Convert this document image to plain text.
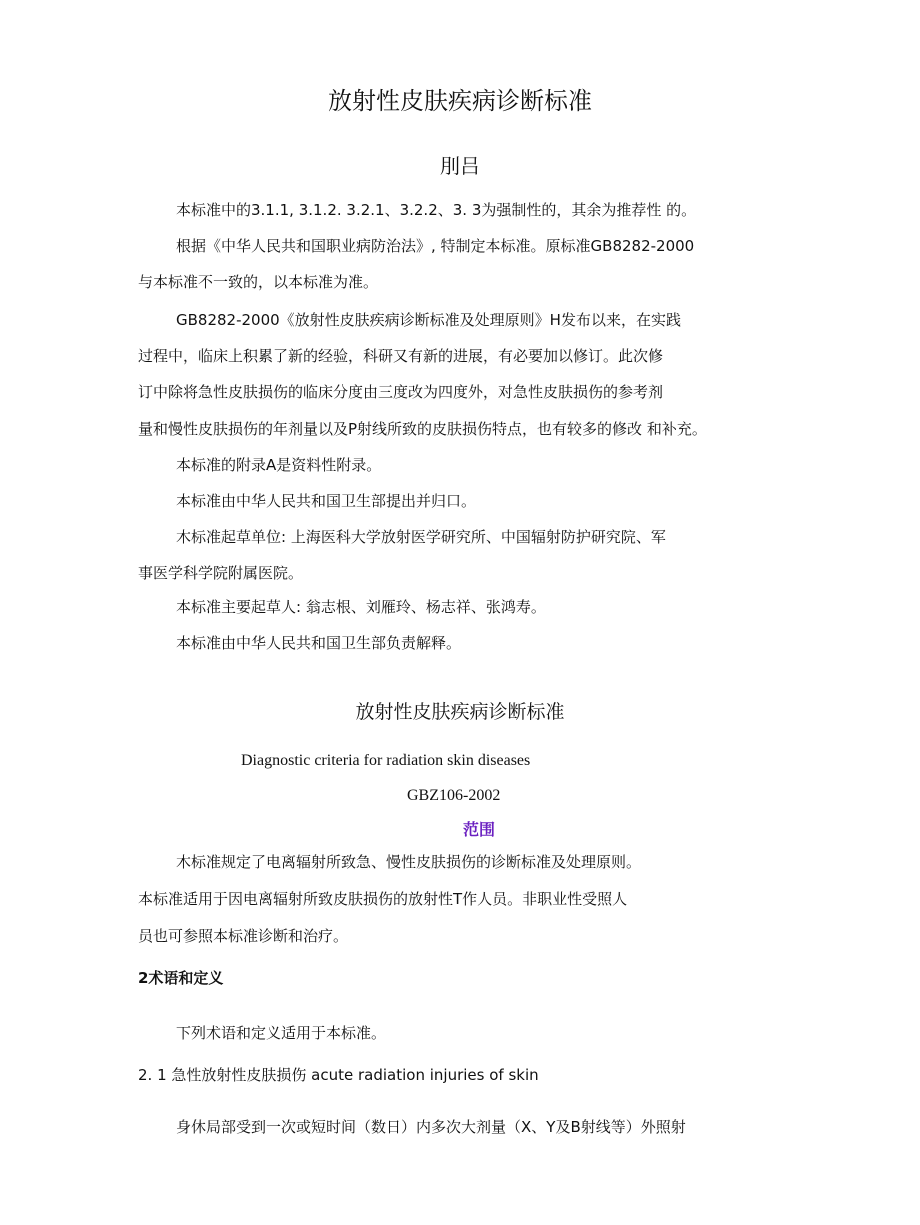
放射性皮肤疾病诊断标准
刖吕
本标准中的3.1.1, 3.1.2. 3.2.1、3.2.2、3. 3为强制性的，其余为推荐性 的。
根据《中华人民共和国职业病防治法》, 特制定本标准。原标准GB8282-2000
与本标准不一致的，以本标准为准。
GB8282-2000《放射性皮肤疾病诊断标准及处理原则》H发布以来，在实践
过程中，临床上积累了新的经验，科研又有新的进展，有必要加以修订。此次修
订中除将急性皮肤损伤的临床分度由三度改为四度外，对急性皮肤损伤的参考剂
量和慢性皮肤损伤的年剂量以及P射线所致的皮肤损伤特点，也有较多的修改 和补充。
本标准的附录A是资料性附录。
本标准由中华人民共和国卫生部提出并归口。
木标准起草单位: 上海医科大学放射医学研究所、中国辐射防护研究院、军
事医学科学院附属医院。
本标准主要起草人: 翁志根、刘雁玲、杨志祥、张鸿寿。
本标准由中华人民共和国卫生部负责解释。
放射性皮肤疾病诊断标准
Diagnostic criteria for radiation skin diseases
GBZ106-2002
范围
木标准规定了电离辐射所致急、慢性皮肤损伤的诊断标准及处理原则。
本标准适用于因电离辐射所致皮肤损伤的放射性T作人员。非职业性受照人
员也可参照本标准诊断和治疗。
2术语和定义
下列术语和定义适用于本标准。
2. 1 急性放射性皮肤损伤 acute radiation injuries of skin
身休局部受到一次或短时间（数日）内多次大剂量（X、Y及B射线等）外照射
